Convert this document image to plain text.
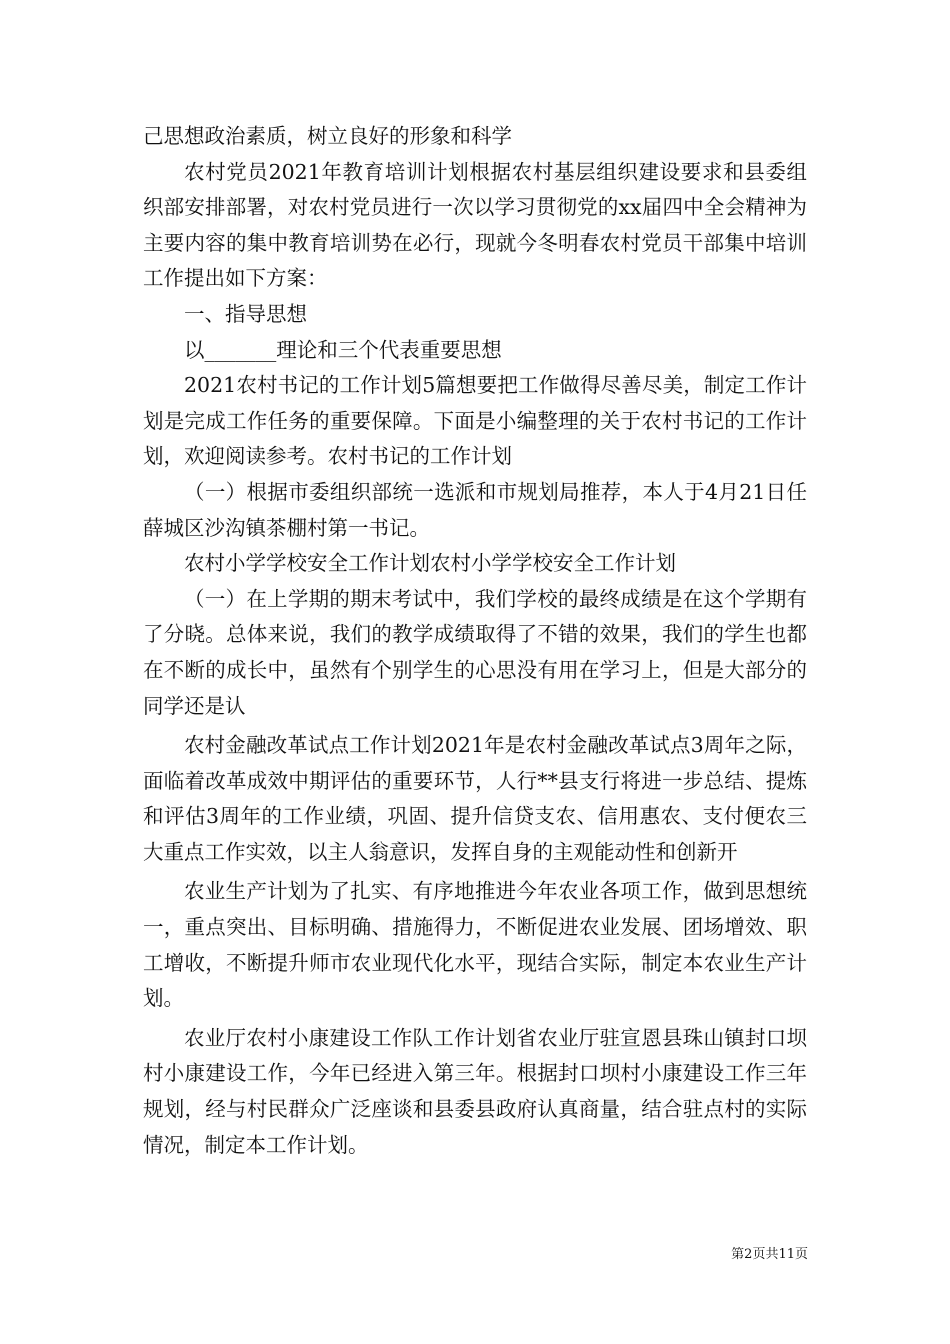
己思想政治素质，树立良好的形象和科学

农村党员2021年教育培训计划根据农村基层组织建设要求和县委组织部安排部署，对农村党员进行一次以学习贯彻党的xx届四中全会精神为主要内容的集中教育培训势在必行，现就今冬明春农村党员干部集中培训工作提出如下方案：

一、指导思想

以_______理论和三个代表重要思想

2021农村书记的工作计划5篇想要把工作做得尽善尽美，制定工作计划是完成工作任务的重要保障。下面是小编整理的关于农村书记的工作计划，欢迎阅读参考。农村书记的工作计划

（一）根据市委组织部统一选派和市规划局推荐，本人于4月21日任薛城区沙沟镇茶棚村第一书记。

农村小学学校安全工作计划农村小学学校安全工作计划

（一）在上学期的期末考试中，我们学校的最终成绩是在这个学期有了分晓。总体来说，我们的教学成绩取得了不错的效果，我们的学生也都在不断的成长中，虽然有个别学生的心思没有用在学习上，但是大部分的同学还是认

农村金融改革试点工作计划2021年是农村金融改革试点3周年之际，面临着改革成效中期评估的重要环节，人行**县支行将进一步总结、提炼和评估3周年的工作业绩，巩固、提升信贷支农、信用惠农、支付便农三大重点工作实效，以主人翁意识，发挥自身的主观能动性和创新开

农业生产计划为了扎实、有序地推进今年农业各项工作，做到思想统一，重点突出、目标明确、措施得力，不断促进农业发展、团场增效、职工增收，不断提升师市农业现代化水平，现结合实际，制定本农业生产计划。

农业厅农村小康建设工作队工作计划省农业厅驻宣恩县珠山镇封口坝村小康建设工作，今年已经进入第三年。根据封口坝村小康建设工作三年规划，经与村民群众广泛座谈和县委县政府认真商量，结合驻点村的实际情况，制定本工作计划。

第2页共11页
